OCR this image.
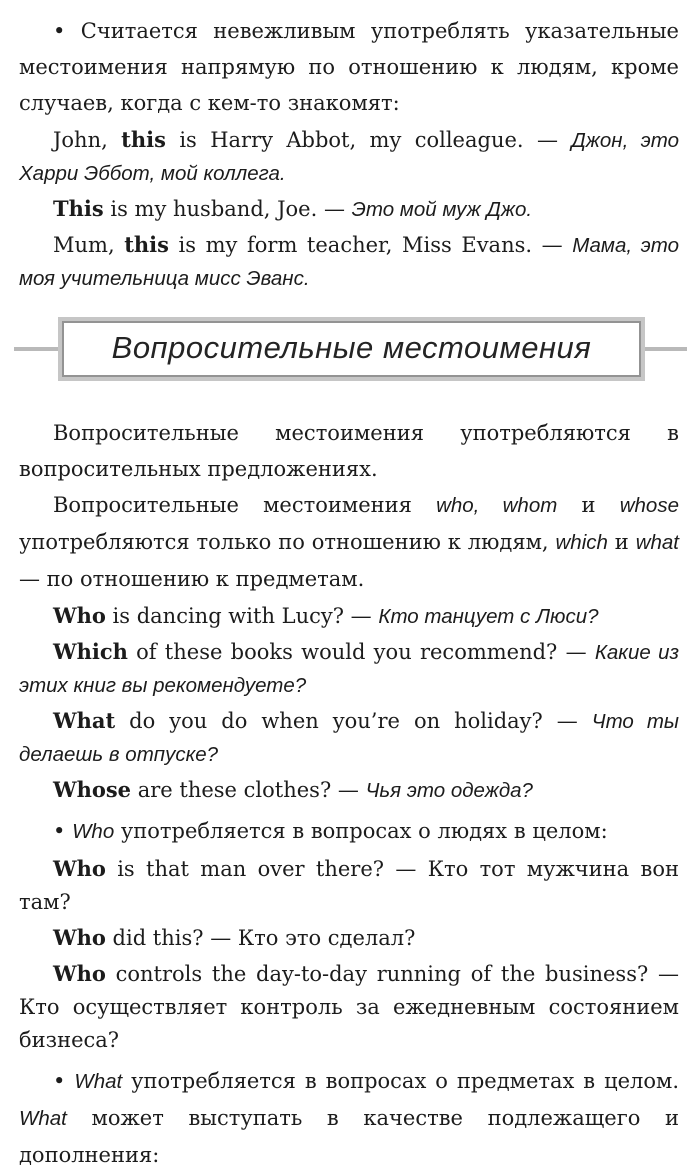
• Считается невежливым употреблять указательные местоимения напрямую по отношению к людям, кроме случаев, когда с кем-то знакомят:

John, this is Harry Abbot, my colleague. — Джон, это Харри Эббот, мой коллега.

This is my husband, Joe. — Это мой муж Джо.

Mum, this is my form teacher, Miss Evans. — Мама, это моя учительница мисс Эванс.

Вопросительные местоимения

Вопросительные местоимения употребляются в вопросительных предложениях.

Вопросительные местоимения who, whom и whose употребляются только по отношению к людям, which и what — по отношению к предметам.

Who is dancing with Lucy? — Кто танцует с Люси?

Which of these books would you recommend? — Какие из этих книг вы рекомендуете?

What do you do when you’re on holiday? — Что ты делаешь в отпуске?

Whose are these clothes? — Чья это одежда?

• Who употребляется в вопросах о людях в целом:

Who is that man over there? — Кто тот мужчина вон там?

Who did this? — Кто это сделал?

Who controls the day-to-day running of the business? — Кто осуществляет контроль за ежедневным состоянием бизнеса?

• What употребляется в вопросах о предметах в целом. What может выступать в качестве подлежащего и дополнения:
